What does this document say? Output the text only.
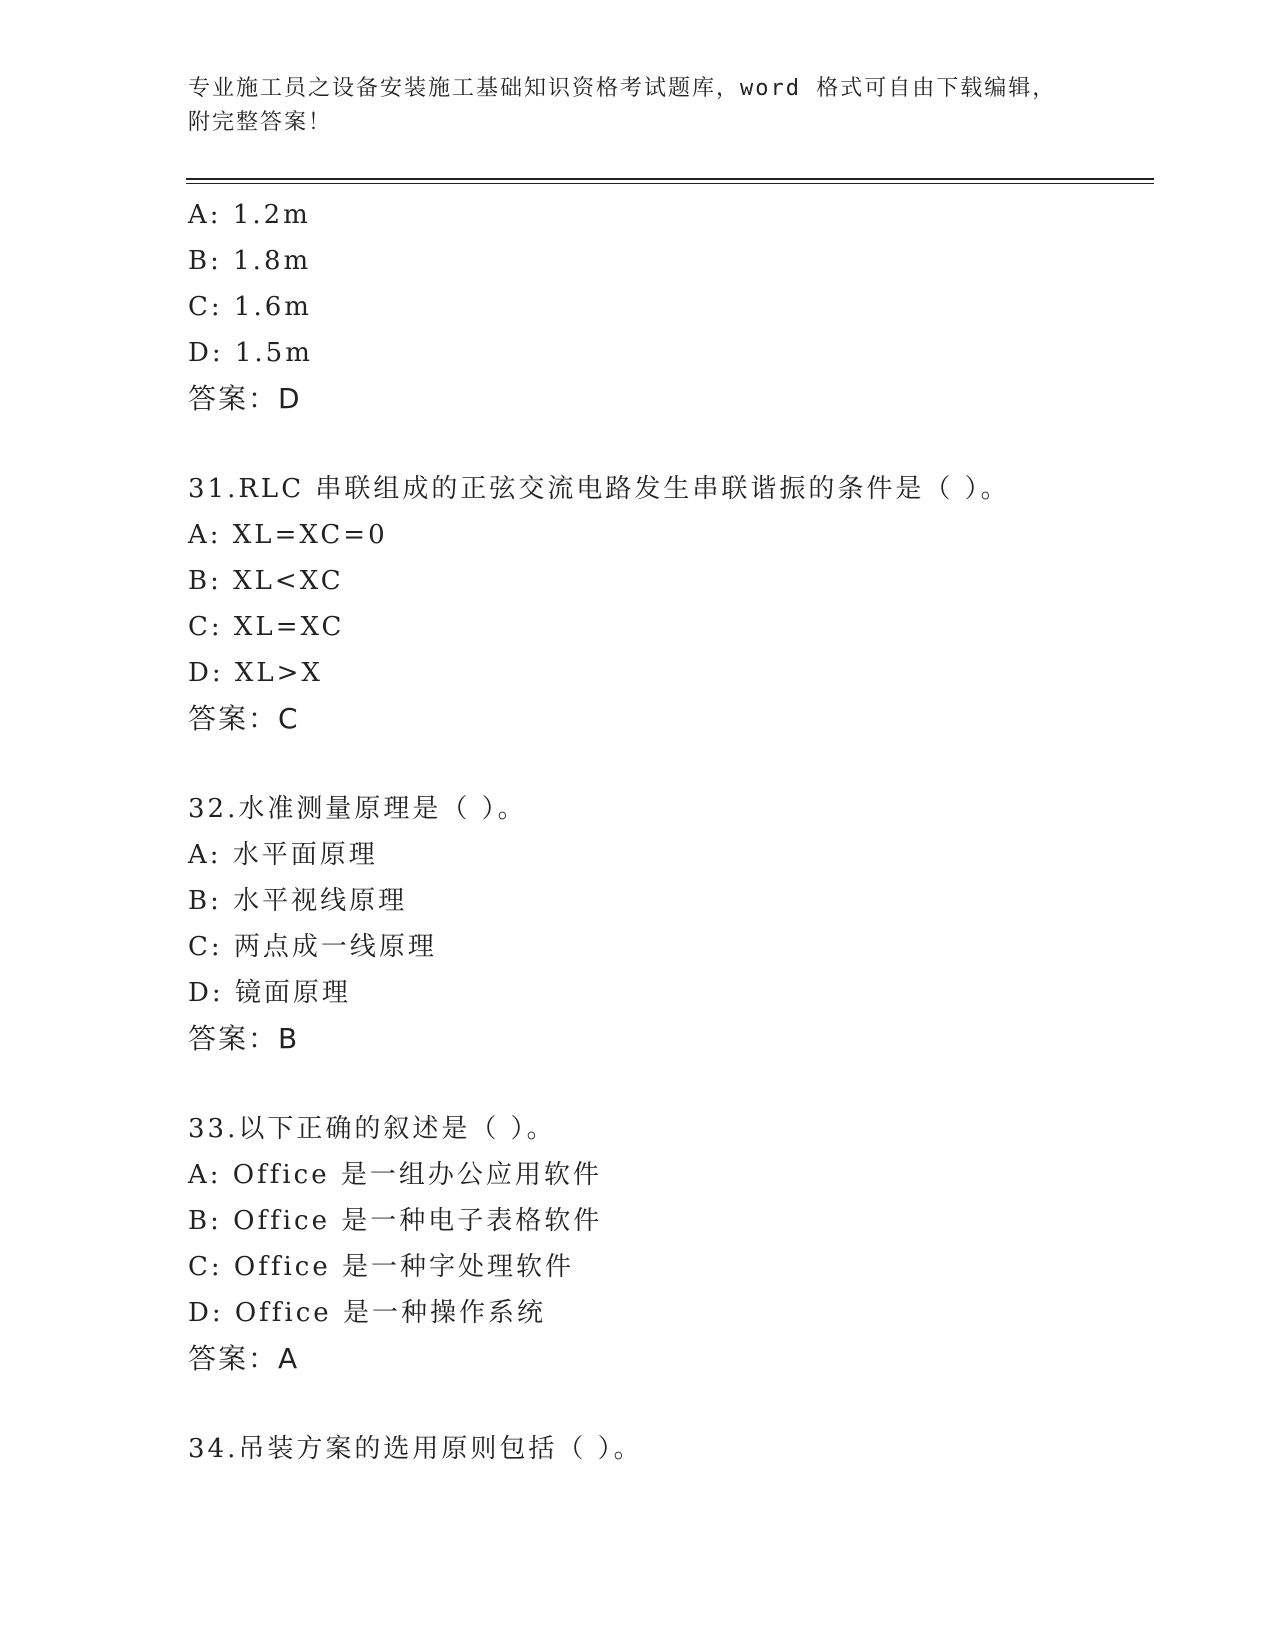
专业施工员之设备安装施工基础知识资格考试题库，word 格式可自由下载编辑，
附完整答案！
A: 1.2m
B: 1.8m
C: 1.6m
D: 1.5m
答案：D
31.RLC 串联组成的正弦交流电路发生串联谐振的条件是（ ）。
A: XL=XC=0
B: XL<XC
C: XL=XC
D: XL>X
答案：C
32.水准测量原理是（ ）。
A: 水平面原理
B: 水平视线原理
C: 两点成一线原理
D: 镜面原理
答案：B
33.以下正确的叙述是（ ）。
A: Office 是一组办公应用软件
B: Office 是一种电子表格软件
C: Office 是一种字处理软件
D: Office 是一种操作系统
答案：A
34.吊装方案的选用原则包括（ ）。
